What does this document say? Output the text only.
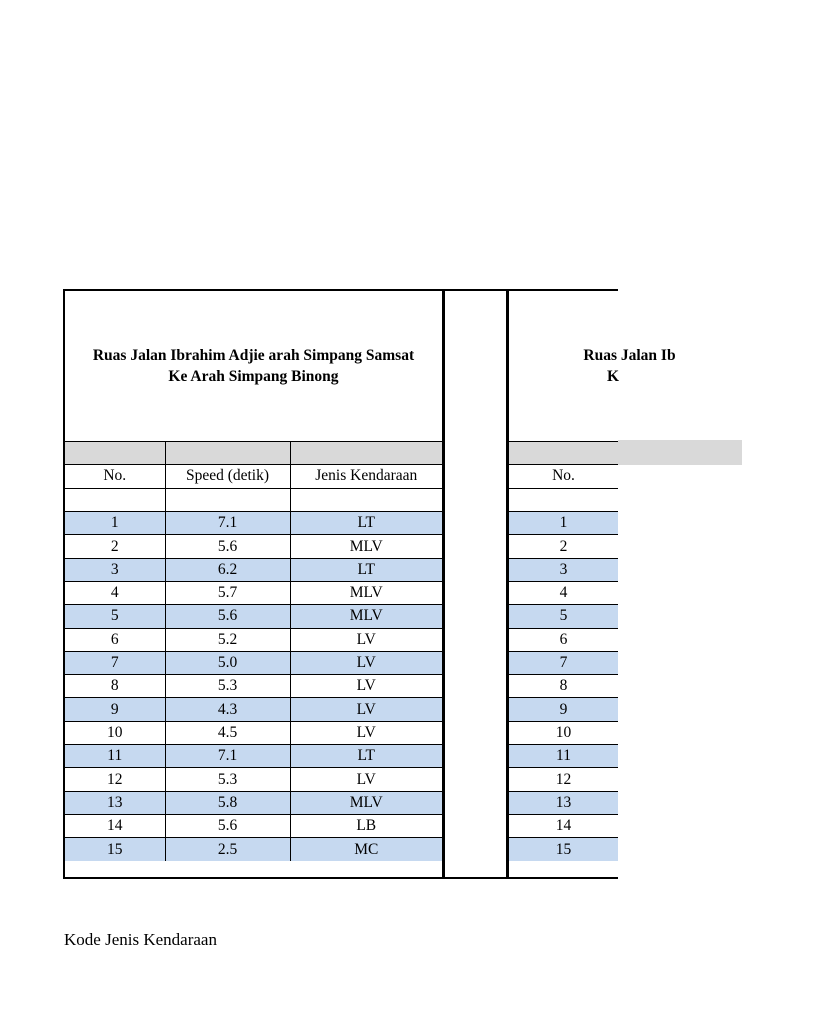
Ruas Jalan Ibrahim Adjie arah Simpang Samsat
Ke Arah Simpang Binong
No.	Speed (detik)	Jenis Kendaraan

1	7.1	LT
2	5.6	MLV
3	6.2	LT
4	5.7	MLV
5	5.6	MLV
6	5.2	LV
7	5.0	LV
8	5.3	LV
9	4.3	LV
10	4.5	LV
11	7.1	LT
12	5.3	LV
13	5.8	MLV
14	5.6	LB
15	2.5	MC
Ruas Jalan Ib
K
No.

1
2
3
4
5
6
7
8
9
10
11
12
13
14
15
Kode Jenis Kendaraan
